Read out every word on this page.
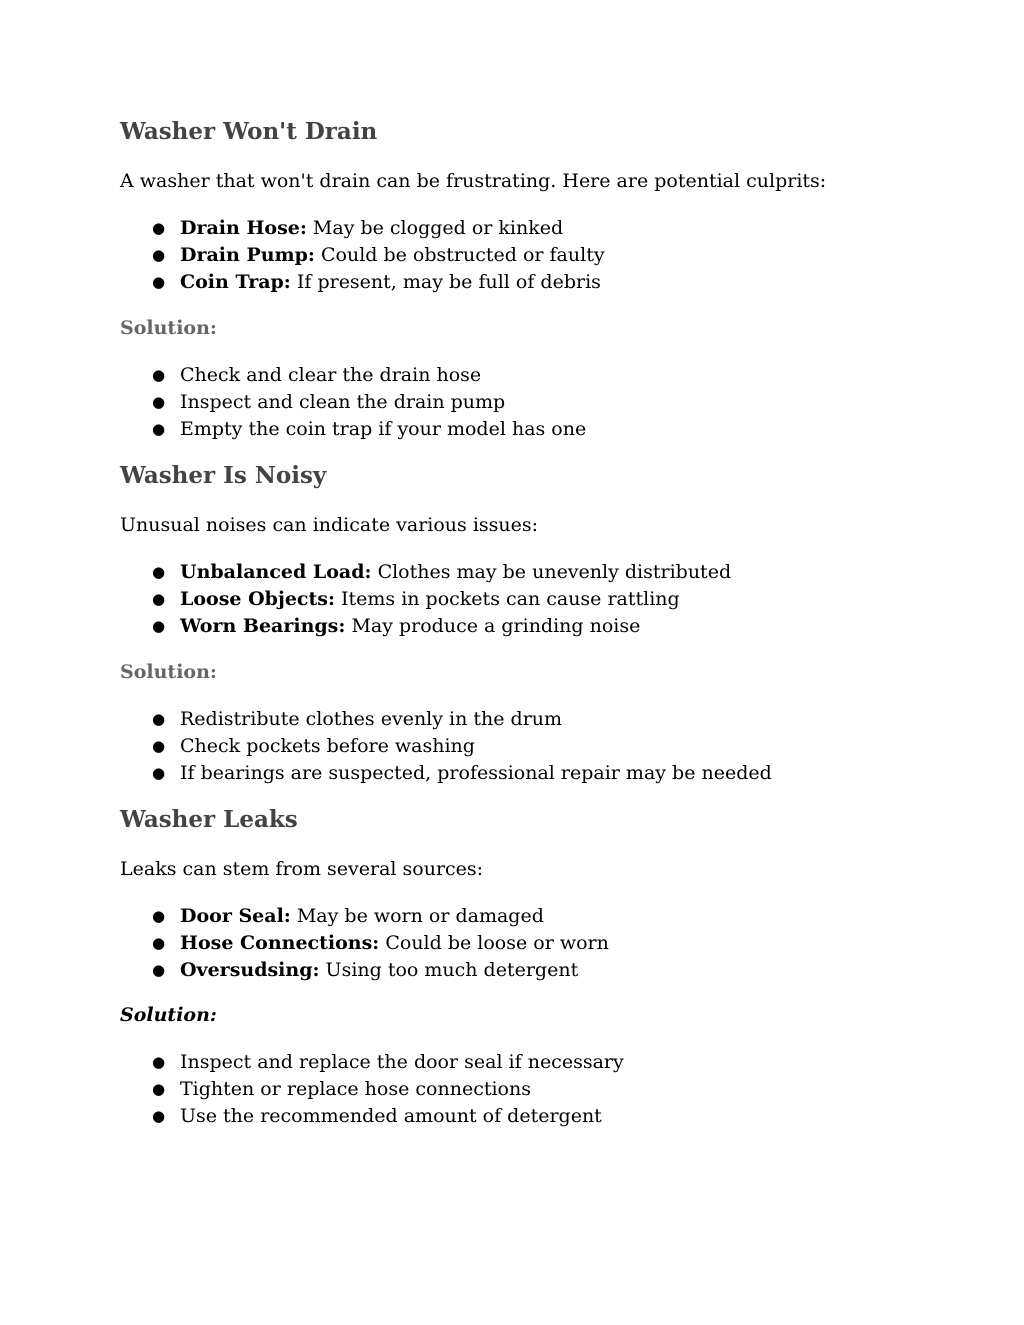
Washer Won't Drain

A washer that won't drain can be frustrating. Here are potential culprits:

● Drain Hose: May be clogged or kinked
● Drain Pump: Could be obstructed or faulty
● Coin Trap: If present, may be full of debris

Solution:

● Check and clear the drain hose
● Inspect and clean the drain pump
● Empty the coin trap if your model has one
Washer Is Noisy

Unusual noises can indicate various issues:

● Unbalanced Load: Clothes may be unevenly distributed
● Loose Objects: Items in pockets can cause rattling
● Worn Bearings: May produce a grinding noise

Solution:

● Redistribute clothes evenly in the drum
● Check pockets before washing
● If bearings are suspected, professional repair may be needed
Washer Leaks

Leaks can stem from several sources:

● Door Seal: May be worn or damaged
● Hose Connections: Could be loose or worn
● Oversudsing: Using too much detergent

Solution:

● Inspect and replace the door seal if necessary
● Tighten or replace hose connections
● Use the recommended amount of detergent
